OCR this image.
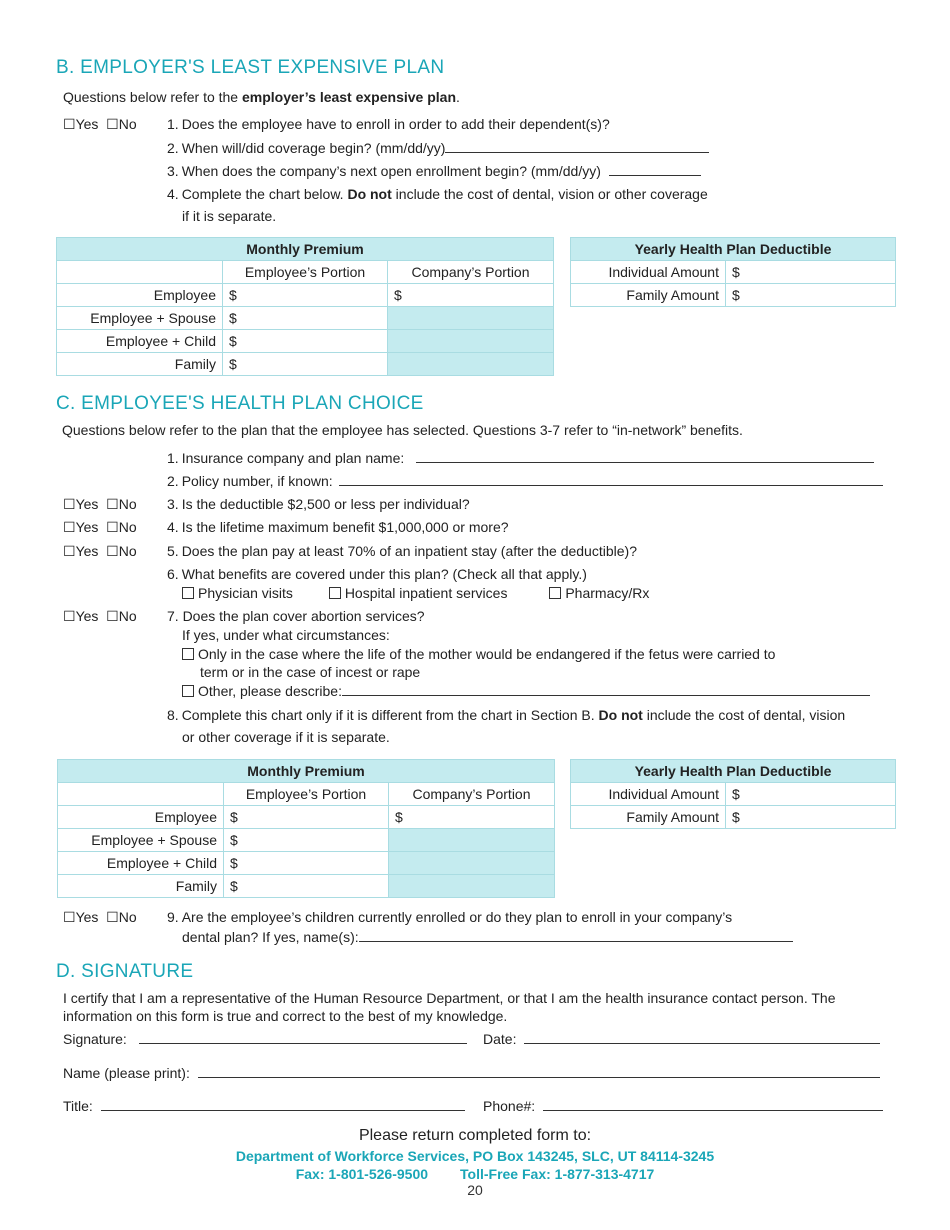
B. EMPLOYER'S LEAST EXPENSIVE PLAN
Questions below refer to the employer’s least expensive plan.
☐Yes  ☐No 1. Does the employee have to enroll in order to add their dependent(s)?
2. When will/did coverage begin? (mm/dd/yy)
3. When does the company’s next open enrollment begin? (mm/dd/yy)
4. Complete the chart below. Do not include the cost of dental, vision or other coverage
if it is separate.
Monthly Premium		
	Employee’s Portion	Company’s Portion
Employee	$	$
Employee + Spouse	$	
Employee + Child	$	
Family	$	
Yearly Health Plan Deductible	
Individual Amount	$
Family Amount	$
C. EMPLOYEE'S HEALTH PLAN CHOICE
Questions below refer to the plan that the employee has selected. Questions 3-7 refer to “in-network” benefits.
1. Insurance company and plan name:
2. Policy number, if known:
☐Yes  ☐No 3. Is the deductible $2,500 or less per individual?
☐Yes  ☐No 4. Is the lifetime maximum benefit $1,000,000 or more?
☐Yes  ☐No 5. Does the plan pay at least 70% of an inpatient stay (after the deductible)?
6. What benefits are covered under this plan? (Check all that apply.)
Physician visits	Hospital inpatient services	Pharmacy/Rx
☐Yes  ☐No 7. Does the plan cover abortion services?
If yes, under what circumstances:
Only in the case where the life of the mother would be endangered if the fetus were carried to
term or in the case of incest or rape
Other, please describe:
8. Complete this chart only if it is different from the chart in Section B. Do not include the cost of dental, vision
or other coverage if it is separate.
Monthly Premium		
	Employee’s Portion	Company’s Portion
Employee	$	$
Employee + Spouse	$	
Employee + Child	$	
Family	$	
Yearly Health Plan Deductible	
Individual Amount	$
Family Amount	$
☐Yes  ☐No 9. Are the employee’s children currently enrolled or do they plan to enroll in your company’s
dental plan? If yes, name(s):
D. SIGNATURE
I certify that I am a representative of the Human Resource Department, or that I am the health insurance contact person. The
information on this form is true and correct to the best of my knowledge.
Signature:	Date:
Name (please print):
Title:	Phone#:
Please return completed form to:
Department of Workforce Services, PO Box 143245, SLC, UT 84114-3245
Fax: 1-801-526-9500 Toll-Free Fax: 1-877-313-4717
20
